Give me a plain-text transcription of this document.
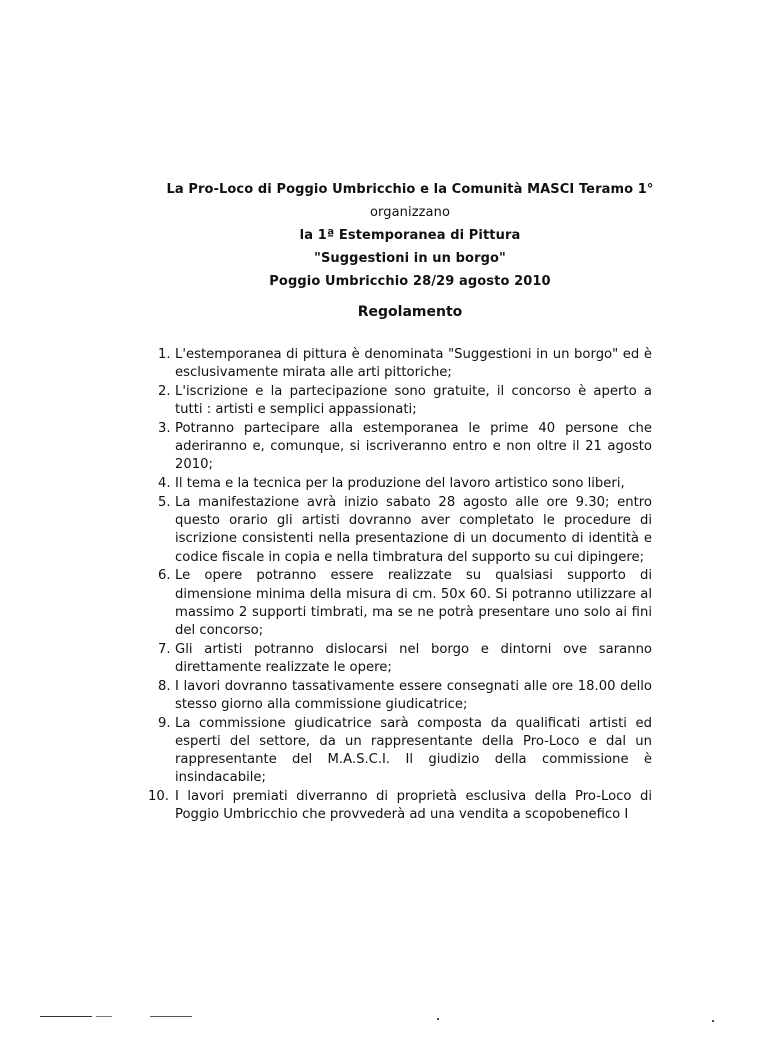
La Pro-Loco di Poggio Umbricchio e la Comunità MASCI Teramo 1°
organizzano
la 1ª Estemporanea di Pittura
"Suggestioni in un borgo"
Poggio Umbricchio 28/29 agosto 2010
Regolamento
1. L'estemporanea di pittura è denominata "Suggestioni in un borgo" ed è esclusivamente mirata alle arti pittoriche;
2. L'iscrizione e la partecipazione sono gratuite, il concorso è aperto a tutti : artisti e semplici appassionati;
3. Potranno partecipare alla estemporanea le prime 40 persone che aderiranno e, comunque, si iscriveranno entro e non oltre il 21 agosto 2010;
4. Il tema e la tecnica per la produzione del lavoro artistico sono liberi,
5. La manifestazione avrà inizio sabato 28 agosto alle ore 9.30; entro questo orario gli artisti dovranno aver completato le procedure di iscrizione consistenti nella presentazione di un documento di identità e codice fiscale in copia e nella timbratura del supporto su cui dipingere;
6. Le opere potranno essere realizzate su qualsiasi supporto di dimensione minima della misura di cm. 50x 60. Si potranno utilizzare al massimo 2 supporti timbrati, ma se ne potrà presentare uno solo ai fini del concorso;
7. Gli artisti potranno dislocarsi nel borgo e dintorni ove saranno direttamente realizzate le opere;
8. I lavori dovranno tassativamente essere consegnati alle ore 18.00 dello stesso giorno alla commissione giudicatrice;
9. La commissione giudicatrice sarà composta da qualificati artisti ed esperti del settore, da un rappresentante della Pro-Loco e dal un rappresentante del M.A.S.C.I. Il giudizio della commissione è insindacabile;
10. I lavori premiati diverranno di proprietà esclusiva della Pro-Loco di Poggio Umbricchio che provvederà ad una vendita a scopobenefico I
